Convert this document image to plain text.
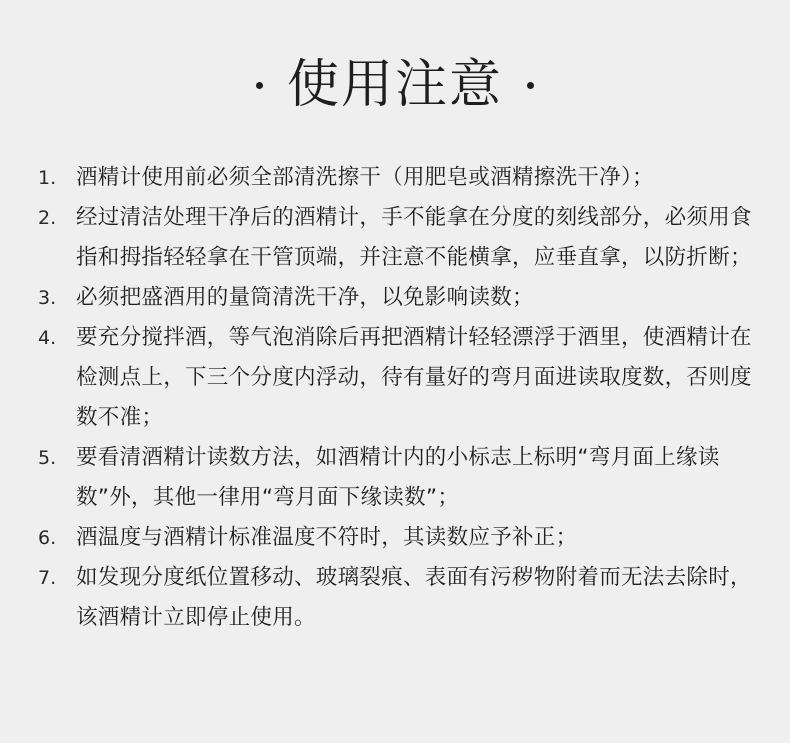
使用注意
1. 酒精计使用前必须全部清洗擦干（用肥皂或酒精擦洗干净）；
2. 经过清洁处理干净后的酒精计，手不能拿在分度的刻线部分，必须用食指和拇指轻轻拿在干管顶端，并注意不能横拿，应垂直拿，以防折断；
3. 必须把盛酒用的量筒清洗干净，以免影响读数；
4. 要充分搅拌酒，等气泡消除后再把酒精计轻轻漂浮于酒里，使酒精计在检测点上，下三个分度内浮动，待有量好的弯月面进读取度数，否则度数不准；
5. 要看清酒精计读数方法，如酒精计内的小标志上标明“弯月面上缘读数”外，其他一律用“弯月面下缘读数”；
6. 酒温度与酒精计标准温度不符时，其读数应予补正；
7. 如发现分度纸位置移动、玻璃裂痕、表面有污秽物附着而无法去除时，该酒精计立即停止使用。
